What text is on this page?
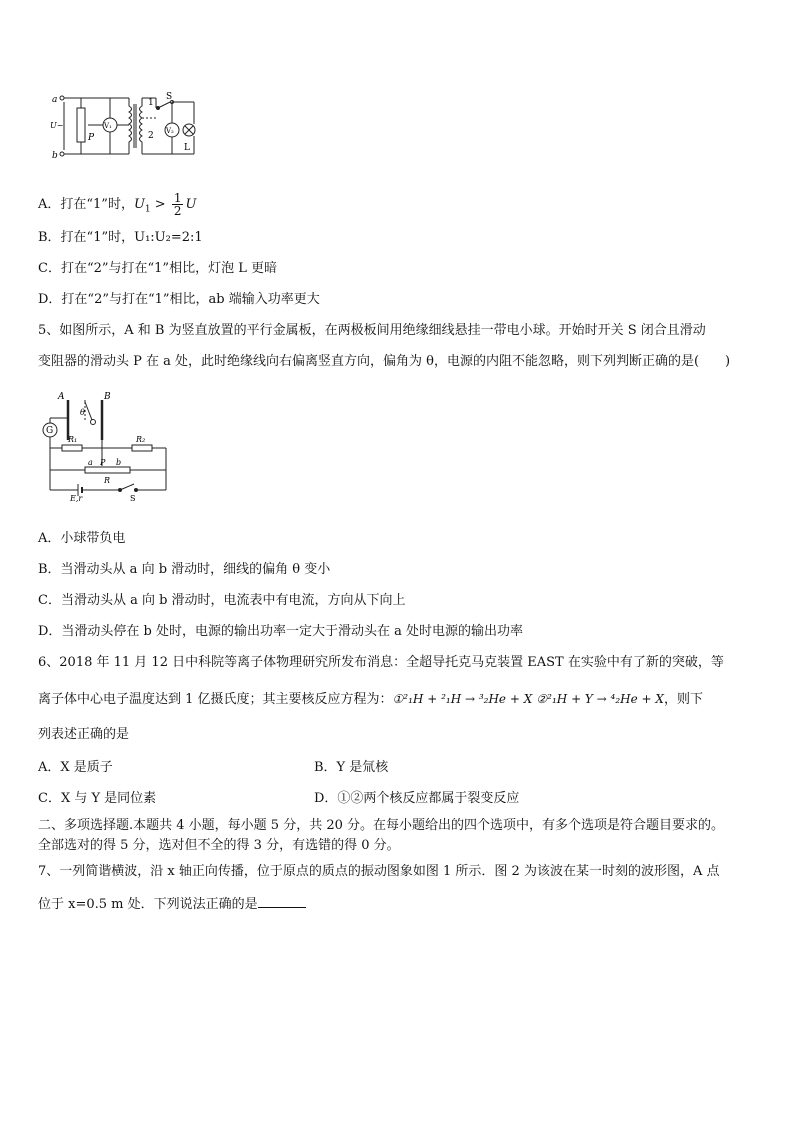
a
b
U~
P
V₁
V₂
L
S
1
2
A．打在“1”时，$U_1 > \frac{1}{2}$ U
B．打在“1”时，U₁:U₂=2:1
C．打在“2”与打在“1”相比，灯泡 L 更暗
D．打在“2”与打在“1”相比，ab 端输入功率更大
5、如图所示，A 和 B 为竖直放置的平行金属板，在两极板间用绝缘细线悬挂一带电小球。开始时开关 S 闭合且滑动
变阻器的滑动头 P 在 a 处，此时绝缘线向右偏离竖直方向，偏角为 θ，电源的内阻不能忽略，则下列判断正确的是(　　)
A	B
θ
G
R₁	R₂
a P b
R
E,r	S
A．小球带负电
B．当滑动头从 a 向 b 滑动时，细线的偏角 θ 变小
C．当滑动头从 a 向 b 滑动时，电流表中有电流，方向从下向上
D．当滑动头停在 b 处时，电源的输出功率一定大于滑动头在 a 处时电源的输出功率
6、2018 年 11 月 12 日中科院等离子体物理研究所发布消息：全超导托克马克装置 EAST 在实验中有了新的突破，等
离子体中心电子温度达到 1 亿摄氏度；其主要核反应方程为：①²₁H + ²₁H → ³₂He + X ②²₁H + Y → ⁴₂He + X，则下
列表述正确的是
A．X 是质子	B．Y 是氚核
C．X 与 Y 是同位素	D．①②两个核反应都属于裂变反应
二、多项选择题.本题共 4 小题，每小题 5 分，共 20 分。在每小题给出的四个选项中，有多个选项是符合题目要求的。
全部选对的得 5 分，选对但不全的得 3 分，有选错的得 0 分。
7、一列简谐横波，沿 x 轴正向传播，位于原点的质点的振动图象如图 1 所示．图 2 为该波在某一时刻的波形图，A 点
位于 x=0.5 m 处．下列说法正确的是
